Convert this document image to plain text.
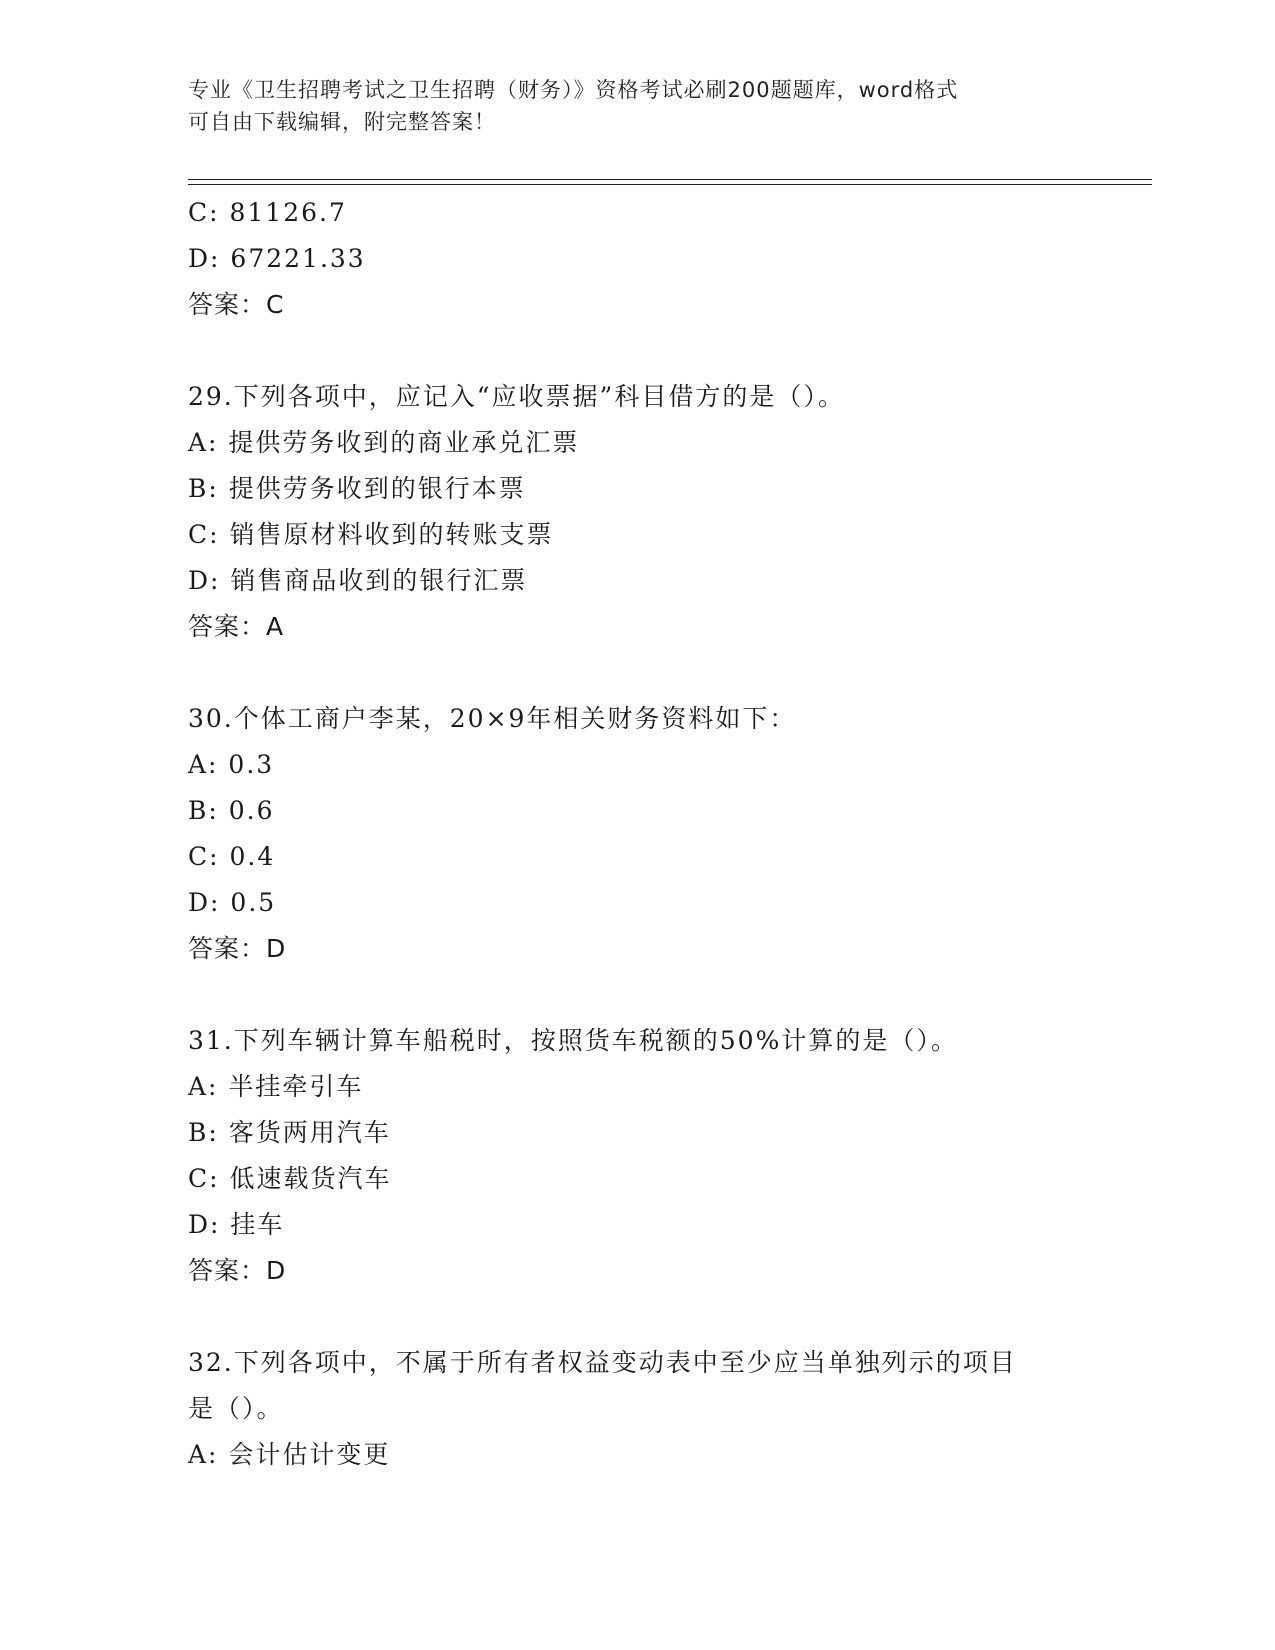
专业《卫生招聘考试之卫生招聘（财务）》资格考试必刷200题题库，word格式
可自由下载编辑，附完整答案！
C: 81126.7
D: 67221.33
答案：C
29.下列各项中，应记入“应收票据”科目借方的是（）。
A: 提供劳务收到的商业承兑汇票
B: 提供劳务收到的银行本票
C: 销售原材料收到的转账支票
D: 销售商品收到的银行汇票
答案：A
30.个体工商户李某，20×9年相关财务资料如下：
A: 0.3
B: 0.6
C: 0.4
D: 0.5
答案：D
31.下列车辆计算车船税时，按照货车税额的50%计算的是（）。
A: 半挂牵引车
B: 客货两用汽车
C: 低速载货汽车
D: 挂车
答案：D
32.下列各项中，不属于所有者权益变动表中至少应当单独列示的项目
是（）。
A: 会计估计变更
